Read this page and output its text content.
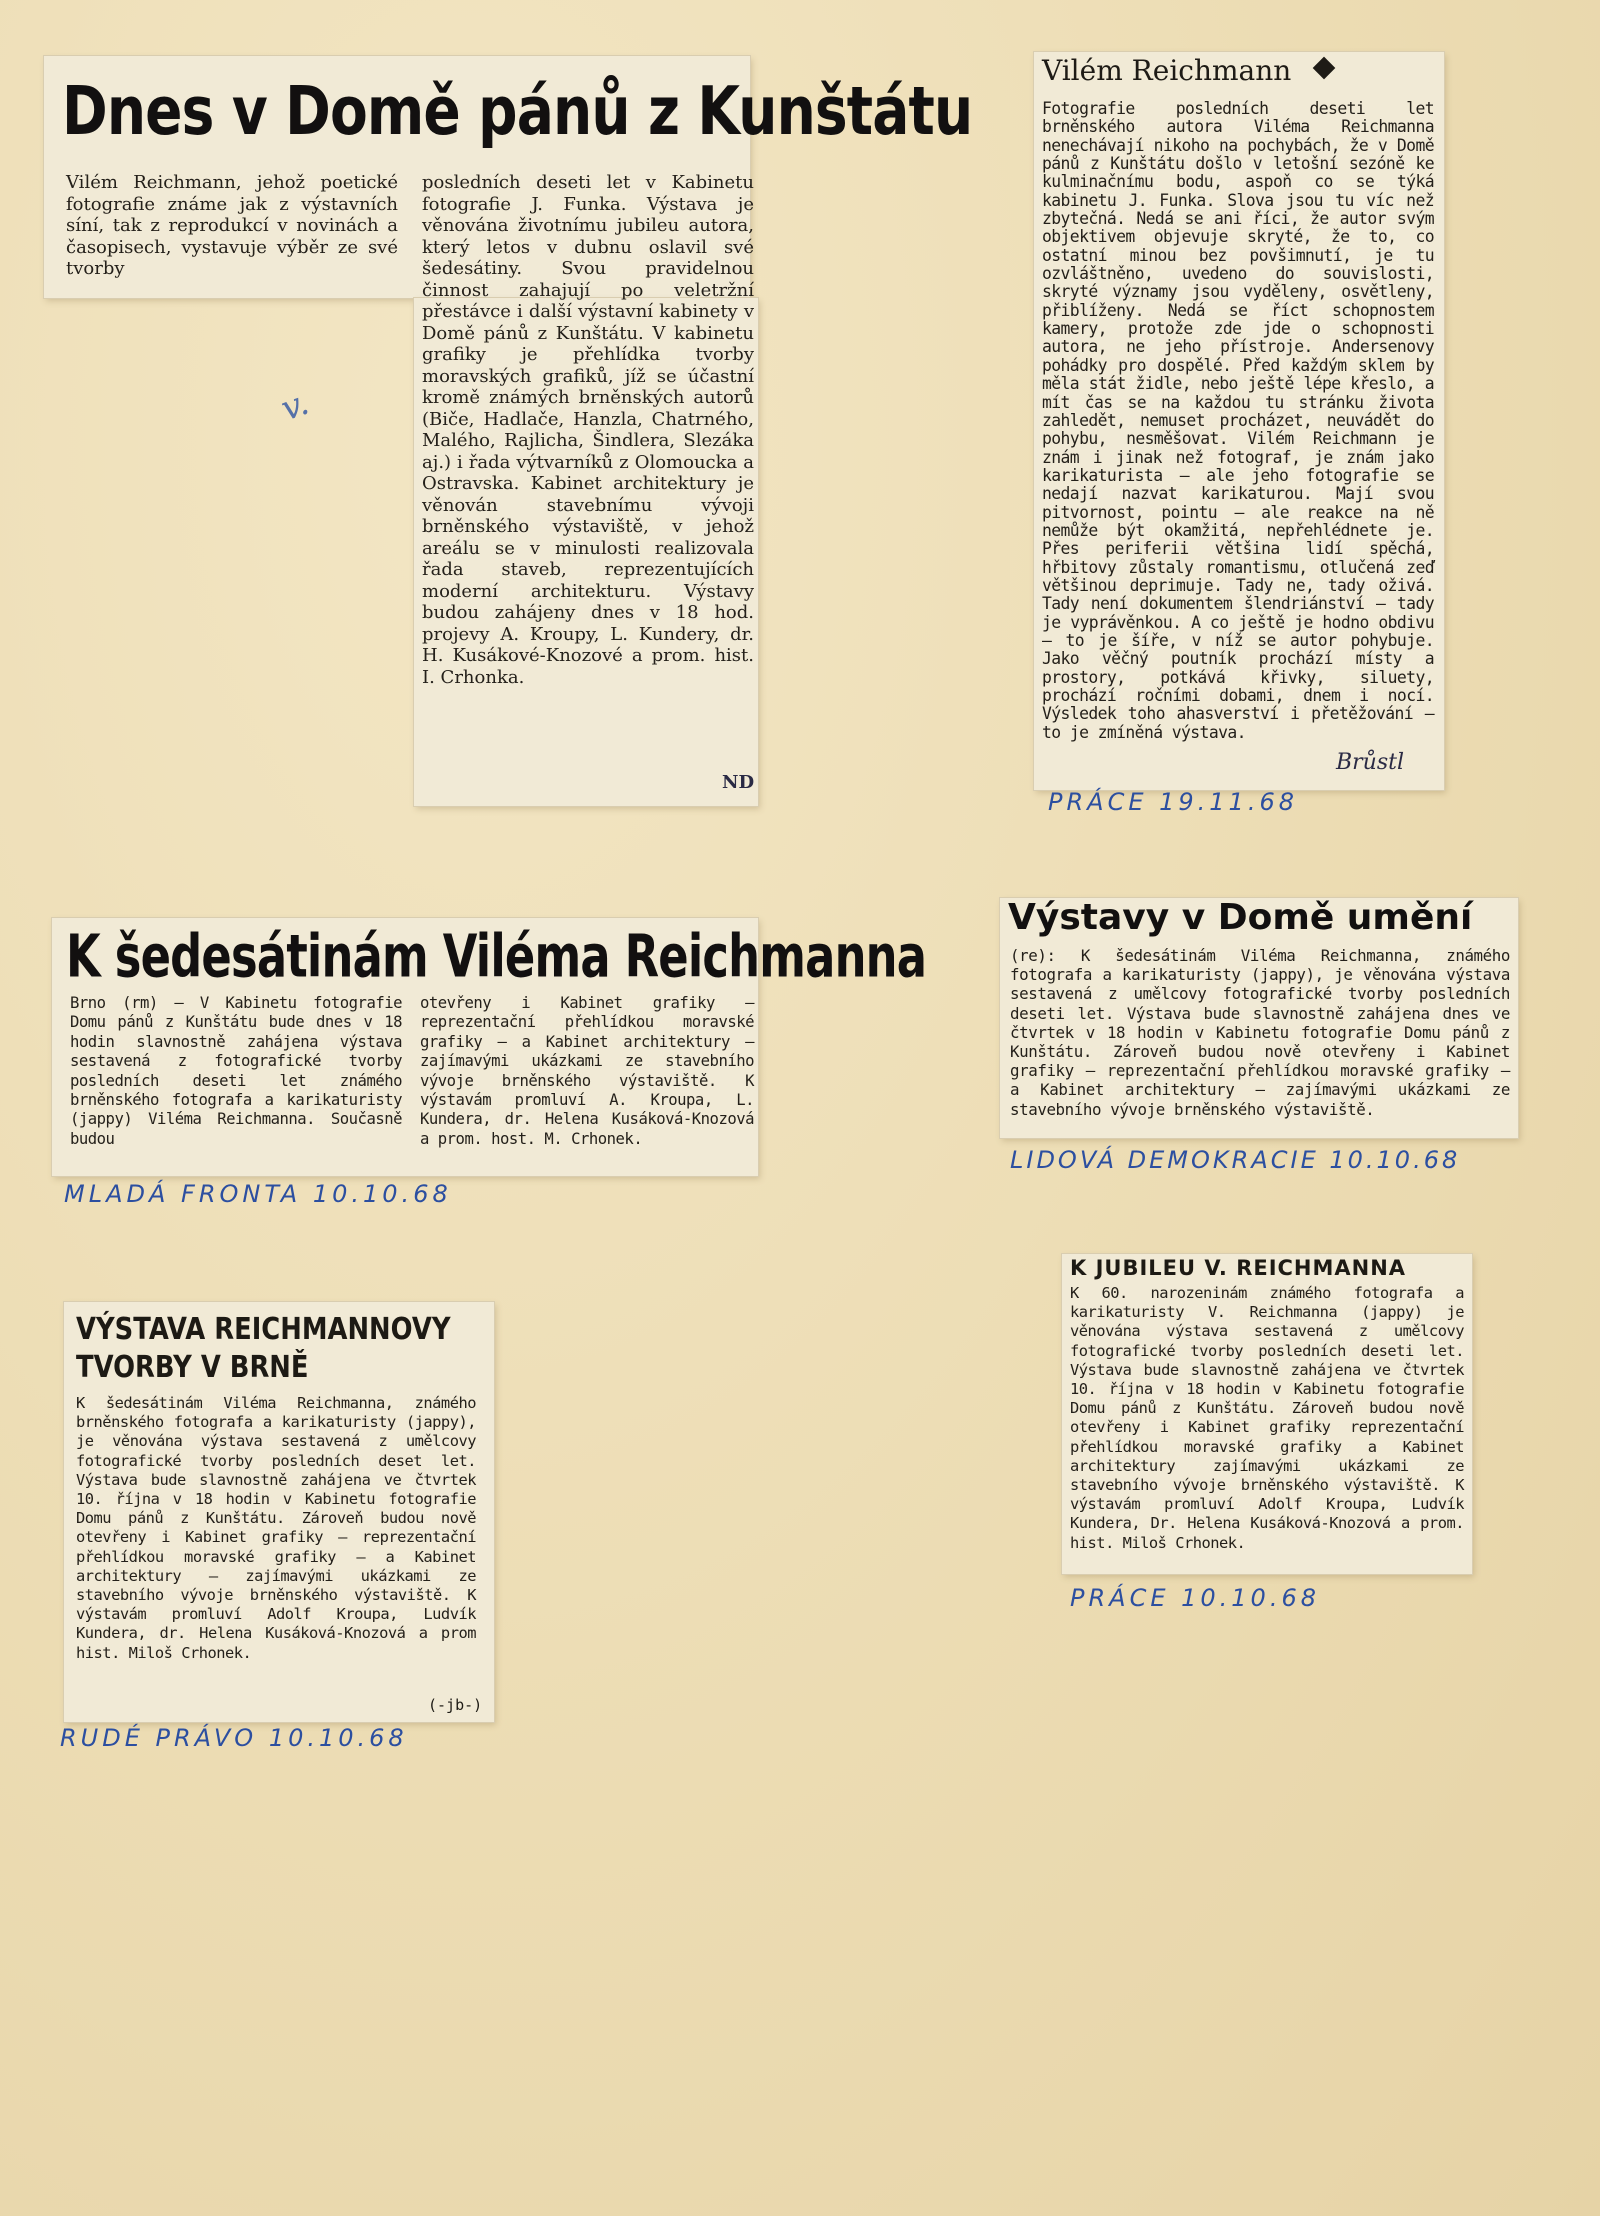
Dnes v Domě pánů z Kunštátu
Vilém Reichmann, jehož poetické fotografie známe jak z výstavních síní, tak z reprodukcí v novinách a časopisech, vystavuje výběr ze své tvorby
posledních deseti let v Kabinetu fotografie J. Funka. Výstava je věnována životnímu jubileu autora, který letos v dubnu oslavil své šedesátiny. Svou pravidelnou činnost zahajují po veletržní přestávce i další výstavní kabinety v Domě pánů z Kunštátu. V kabinetu grafiky je přehlídka tvorby moravských grafiků, jíž se účastní kromě známých brněnských autorů (Biče, Hadlače, Hanzla, Chatrného, Malého, Rajlicha, Šindlera, Slezáka aj.) i řada výtvarníků z Olomoucka a Ostravska. Kabinet architektury je věnován stavebnímu vývoji brněnského výstaviště, v jehož areálu se v minulosti realizovala řada staveb, reprezentujících moderní architekturu. Výstavy budou zahájeny dnes v 18 hod. projevy A. Kroupy, L. Kundery, dr. H. Kusákové-Knozové a prom. hist. I. Crhonka.
ND
v.
Vilém Reichmann
Fotografie posledních deseti let brněnského autora Viléma Reichmanna nenechávají nikoho na pochybách, že v Domě pánů z Kunštátu došlo v letošní sezóně ke kulminačnímu bodu, aspoň co se týká kabinetu J. Funka. Slova jsou tu víc než zbytečná. Nedá se ani říci, že autor svým objektivem objevuje skryté, že to, co ostatní minou bez povšimnutí, je tu ozvláštněno, uvedeno do souvislosti, skryté významy jsou vyděleny, osvětleny, přiblíženy. Nedá se říct schopnostem kamery, protože zde jde o schopnosti autora, ne jeho přístroje. Andersenovy pohádky pro dospělé. Před každým sklem by měla stát židle, nebo ještě lépe křeslo, a mít čas se na každou tu stránku života zahledět, nemuset procházet, neuvádět do pohybu, nesměšovat. Vilém Reichmann je znám i jinak než fotograf, je znám jako karikaturista — ale jeho fotografie se nedají nazvat karikaturou. Mají svou pitvornost, pointu — ale reakce na ně nemůže být okamžitá, nepřehlédnete je. Přes periferii většina lidí spěchá, hřbitovy zůstaly romantismu, otlučená zeď většinou deprimuje. Tady ne, tady oživá. Tady není dokumentem šlendriánství — tady je vyprávěnkou. A co ještě je hodno obdivu — to je šíře, v níž se autor pohybuje. Jako věčný poutník prochází místy a prostory, potkává křivky, siluety, prochází ročními dobami, dnem i nocí. Výsledek toho ahasverství i přetěžování — to je zmíněná výstava.
Brůstl
PRÁCE 19.11.68
K šedesátinám Viléma Reichmanna
Brno (rm) — V Kabinetu fotografie Domu pánů z Kunštátu bude dnes v 18 hodin slavnostně zahájena výstava sestavená z fotografické tvorby posledních deseti let známého brněnského fotografa a karikaturisty (jappy) Viléma Reichmanna. Současně budou
otevřeny i Kabinet grafiky — reprezentační přehlídkou moravské grafiky — a Kabinet architektury — zajímavými ukázkami ze stavebního vývoje brněnského výstaviště. K výstavám promluví A. Kroupa, L. Kundera, dr. Helena Kusáková-Knozová a prom. host. M. Crhonek.
MLADÁ FRONTA 10.10.68
Výstavy v Domě umění
(re): K šedesátinám Viléma Reichmanna, známého fotografa a karikaturisty (jappy), je věnována výstava sestavená z umělcovy fotografické tvorby posledních deseti let. Výstava bude slavnostně zahájena dnes ve čtvrtek v 18 hodin v Kabinetu fotografie Domu pánů z Kunštátu. Zároveň budou nově otevřeny i Kabinet grafiky — reprezentační přehlídkou moravské grafiky — a Kabinet architektury — zajímavými ukázkami ze stavebního vývoje brněnského výstaviště.
LIDOVÁ DEMOKRACIE 10.10.68
K JUBILEU V. REICHMANNA
K 60. narozeninám známého fotografa a karikaturisty V. Reichmanna (jappy) je věnována výstava sestavená z umělcovy fotografické tvorby posledních deseti let. Výstava bude slavnostně zahájena ve čtvrtek 10. října v 18 hodin v Kabinetu fotografie Domu pánů z Kunštátu. Zároveň budou nově otevřeny i Kabinet grafiky reprezentační přehlídkou moravské grafiky a Kabinet architektury zajímavými ukázkami ze stavebního vývoje brněnského výstaviště. K výstavám promluví Adolf Kroupa, Ludvík Kundera, Dr. Helena Kusáková-Knozová a prom. hist. Miloš Crhonek.
PRÁCE 10.10.68
VÝSTAVA REICHMANNOVY
TVORBY V BRNĚ
K šedesátinám Viléma Reichmanna, známého brněnského fotografa a karikaturisty (jappy), je věnována výstava sestavená z umělcovy fotografické tvorby posledních deset let. Výstava bude slavnostně zahájena ve čtvrtek 10. října v 18 hodin v Kabinetu fotografie Domu pánů z Kunštátu. Zároveň budou nově otevřeny i Kabinet grafiky — reprezentační přehlídkou moravské grafiky — a Kabinet architektury — zajímavými ukázkami ze stavebního vývoje brněnského výstaviště. K výstavám promluví Adolf Kroupa, Ludvík Kundera, dr. Helena Kusáková-Knozová a prom hist. Miloš Crhonek.
(-jb-)
RUDÉ PRÁVO 10.10.68
